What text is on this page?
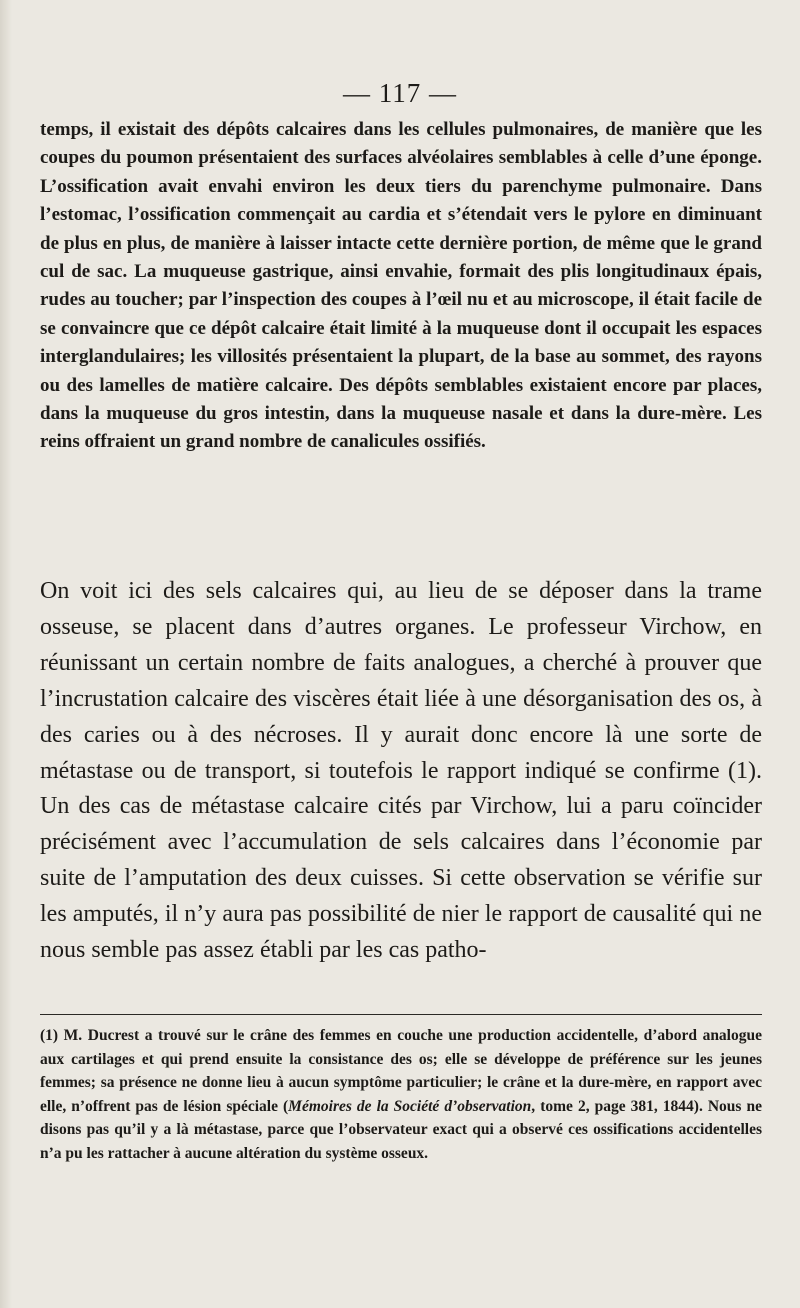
— 117 —

temps, il existait des dépôts calcaires dans les cellules pulmonaires, de manière que les coupes du poumon présentaient des surfaces alvéolaires semblables à celle d’une éponge. L’ossification avait envahi environ les deux tiers du parenchyme pulmonaire. Dans l’estomac, l’ossification commençait au cardia et s’étendait vers le pylore en diminuant de plus en plus, de manière à laisser intacte cette dernière portion, de même que le grand cul de sac. La muqueuse gastrique, ainsi envahie, formait des plis longitudinaux épais, rudes au toucher; par l’inspection des coupes à l’œil nu et au microscope, il était facile de se convaincre que ce dépôt calcaire était limité à la muqueuse dont il occupait les espaces interglandulaires; les villosités présentaient la plupart, de la base au sommet, des rayons ou des lamelles de matière calcaire. Des dépôts semblables existaient encore par places, dans la muqueuse du gros intestin, dans la muqueuse nasale et dans la dure-mère. Les reins offraient un grand nombre de canalicules ossifiés.

On voit ici des sels calcaires qui, au lieu de se déposer dans la trame osseuse, se placent dans d’autres organes. Le professeur Virchow, en réunissant un certain nombre de faits analogues, a cherché à prouver que l’incrustation calcaire des viscères était liée à une désorganisation des os, à des caries ou à des nécroses. Il y aurait donc encore là une sorte de métastase ou de transport, si toutefois le rapport indiqué se confirme (1). Un des cas de métastase calcaire cités par Virchow, lui a paru coïncider précisément avec l’accumulation de sels calcaires dans l’économie par suite de l’amputation des deux cuisses. Si cette observation se vérifie sur les amputés, il n’y aura pas possibilité de nier le rapport de causalité qui ne nous semble pas assez établi par les cas patho-

(1) M. Ducrest a trouvé sur le crâne des femmes en couche une production accidentelle, d’abord analogue aux cartilages et qui prend ensuite la consistance des os; elle se développe de préférence sur les jeunes femmes; sa présence ne donne lieu à aucun symptôme particulier; le crâne et la dure-mère, en rapport avec elle, n’offrent pas de lésion spéciale (Mémoires de la Société d’observation, tome 2, page 381, 1844). Nous ne disons pas qu’il y a là métastase, parce que l’observateur exact qui a observé ces ossifications accidentelles n’a pu les rattacher à aucune altération du système osseux.
